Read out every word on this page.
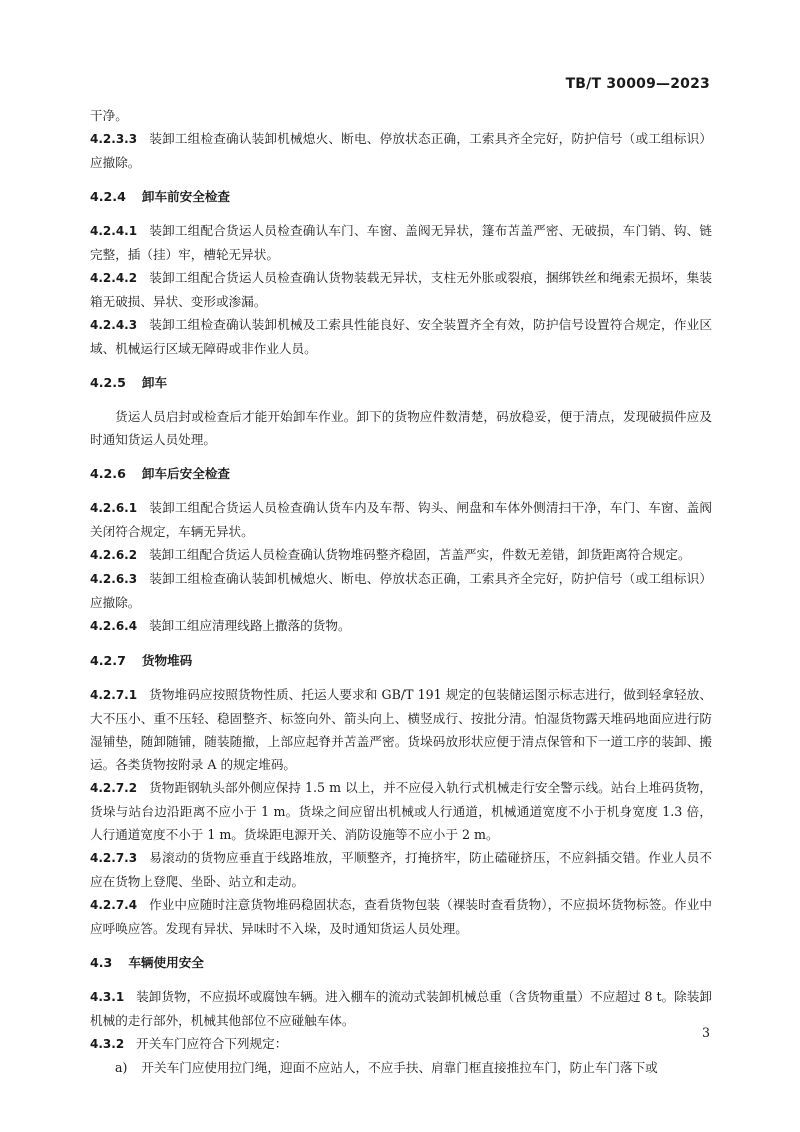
TB/T 30009—2023

干净。

4.2.3.3 装卸工组检查确认装卸机械熄火、断电、停放状态正确，工索具齐全完好，防护信号（或工组标识）应撤除。

4.2.4 卸车前安全检查

4.2.4.1 装卸工组配合货运人员检查确认车门、车窗、盖阀无异状，篷布苫盖严密、无破损，车门销、钩、链完整，插（挂）牢，槽轮无异状。

4.2.4.2 装卸工组配合货运人员检查确认货物装载无异状，支柱无外胀或裂痕，捆绑铁丝和绳索无损坏，集装箱无破损、异状、变形或渗漏。

4.2.4.3 装卸工组检查确认装卸机械及工索具性能良好、安全装置齐全有效，防护信号设置符合规定，作业区域、机械运行区域无障碍或非作业人员。

4.2.5 卸车

货运人员启封或检查后才能开始卸车作业。卸下的货物应件数清楚，码放稳妥，便于清点，发现破损件应及时通知货运人员处理。

4.2.6 卸车后安全检查

4.2.6.1 装卸工组配合货运人员检查确认货车内及车帮、钩头、闸盘和车体外侧清扫干净，车门、车窗、盖阀关闭符合规定，车辆无异状。

4.2.6.2 装卸工组配合货运人员检查确认货物堆码整齐稳固，苫盖严实，件数无差错，卸货距离符合规定。

4.2.6.3 装卸工组检查确认装卸机械熄火、断电、停放状态正确，工索具齐全完好，防护信号（或工组标识）应撤除。

4.2.6.4 装卸工组应清理线路上撒落的货物。

4.2.7 货物堆码

4.2.7.1 货物堆码应按照货物性质、托运人要求和 GB/T 191 规定的包装储运图示标志进行，做到轻拿轻放、大不压小、重不压轻、稳固整齐、标签向外、箭头向上、横竖成行、按批分清。怕湿货物露天堆码地面应进行防湿铺垫，随卸随铺，随装随撤，上部应起脊并苫盖严密。货垛码放形状应便于清点保管和下一道工序的装卸、搬运。各类货物按附录 A 的规定堆码。

4.2.7.2 货物距钢轨头部外侧应保持 1.5 m 以上，并不应侵入轨行式机械走行安全警示线。站台上堆码货物，货垛与站台边沿距离不应小于 1 m。货垛之间应留出机械或人行通道，机械通道宽度不小于机身宽度 1.3 倍，人行通道宽度不小于 1 m。货垛距电源开关、消防设施等不应小于 2 m。

4.2.7.3 易滚动的货物应垂直于线路堆放，平顺整齐，打掩挤牢，防止磕碰挤压，不应斜插交错。作业人员不应在货物上登爬、坐卧、站立和走动。

4.2.7.4 作业中应随时注意货物堆码稳固状态，查看货物包装（裸装时查看货物），不应损坏货物标签。作业中应呼唤应答。发现有异状、异味时不入垛，及时通知货运人员处理。

4.3 车辆使用安全

4.3.1 装卸货物，不应损坏或腐蚀车辆。进入棚车的流动式装卸机械总重（含货物重量）不应超过 8 t。除装卸机械的走行部外，机械其他部位不应碰触车体。

4.3.2 开关车门应符合下列规定：

a) 开关车门应使用拉门绳，迎面不应站人，不应手扶、肩靠门框直接推拉车门，防止车门落下或

3
